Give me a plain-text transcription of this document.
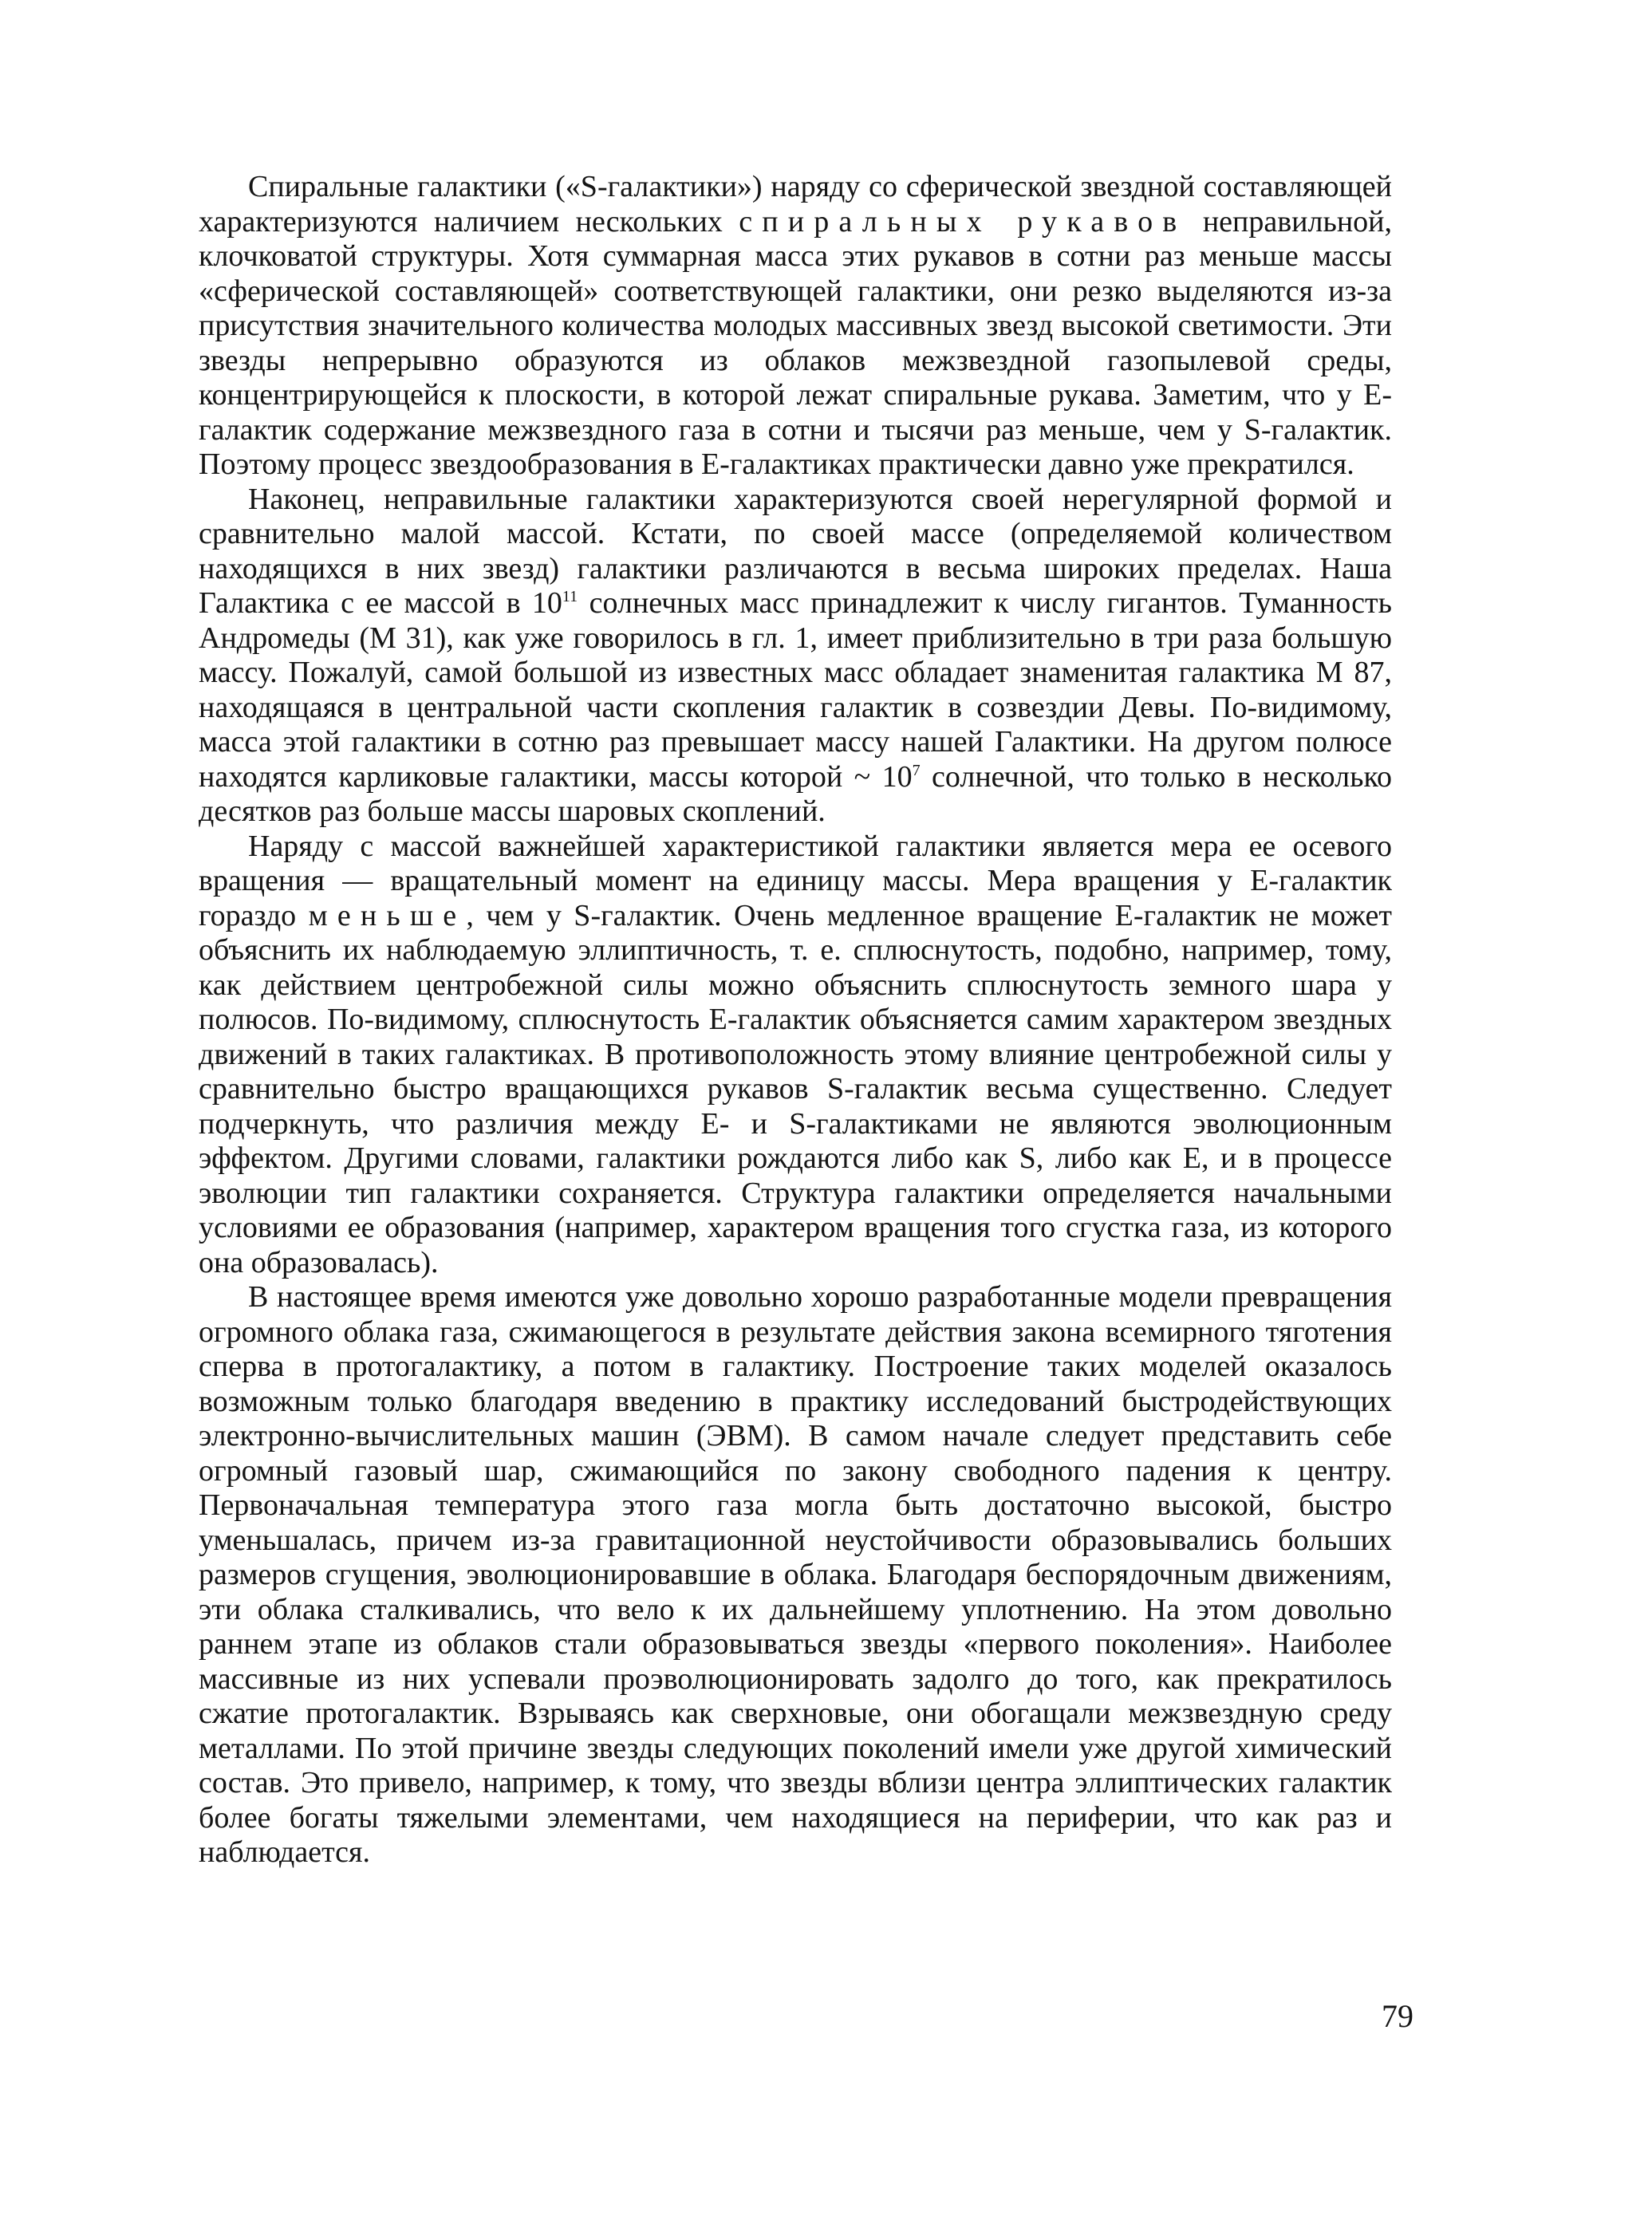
Спиральные галактики («S-галактики») наряду со сферической звездной составляющей характеризуются наличием нескольких спиральных рукавов неправильной, клочковатой структуры. Хотя суммарная масса этих рукавов в сотни раз меньше массы «сферической составляющей» соответствующей галактики, они резко выделяются из-за присутствия значительного количества молодых массивных звезд высокой светимости. Эти звезды непрерывно образуются из облаков межзвездной газопылевой среды, концентрирующейся к плоскости, в которой лежат спиральные рукава. Заметим, что у Е-галактик содержание межзвездного газа в сотни и тысячи раз меньше, чем у S-галактик. Поэтому процесс звездообразования в Е-галактиках практически давно уже прекратился.

Наконец, неправильные галактики характеризуются своей нерегулярной формой и сравнительно малой массой. Кстати, по своей массе (определяемой количеством находящихся в них звезд) галактики различаются в весьма широких пределах. Наша Галактика с ее массой в $10^{11}$ солнечных масс принадлежит к числу гигантов. Туманность Андромеды (М 31), как уже говорилось в гл. 1, имеет приблизительно в три раза большую массу. Пожалуй, самой большой из известных масс обладает знаменитая галактика М 87, находящаяся в центральной части скопления галактик в созвездии Девы. По-видимому, масса этой галактики в сотню раз превышает массу нашей Галактики. На другом полюсе находятся карликовые галактики, массы которой ~ $10^7$ солнечной, что только в несколько десятков раз больше массы шаровых скоплений.

Наряду с массой важнейшей характеристикой галактики является мера ее осевого вращения — вращательный момент на единицу массы. Мера вращения у Е-галактик гораздо меньше, чем у S-галактик. Очень медленное вращение Е-галактик не может объяснить их наблюдаемую эллиптичность, т. е. сплюснутость, подобно, например, тому, как действием центробежной силы можно объяснить сплюснутость земного шара у полюсов. По-видимому, сплюснутость Е-галактик объясняется самим характером звездных движений в таких галактиках. В противоположность этому влияние центробежной силы у сравнительно быстро вращающихся рукавов S-галактик весьма существенно. Следует подчеркнуть, что различия между Е- и S-галактиками не являются эволюционным эффектом. Другими словами, галактики рождаются либо как S, либо как Е, и в процессе эволюции тип галактики сохраняется. Структура галактики определяется начальными условиями ее образования (например, характером вращения того сгустка газа, из которого она образовалась).

В настоящее время имеются уже довольно хорошо разработанные модели превращения огромного облака газа, сжимающегося в результате действия закона всемирного тяготения сперва в протогалактику, а потом в галактику. Построение таких моделей оказалось возможным только благодаря введению в практику исследований быстродействующих электронно-вычислительных машин (ЭВМ). В самом начале следует представить себе огромный газовый шар, сжимающийся по закону свободного падения к центру. Первоначальная температура этого газа могла быть достаточно высокой, быстро уменьшалась, причем из-за гравитационной неустойчивости образовывались больших размеров сгущения, эволюционировавшие в облака. Благодаря беспорядочным движениям, эти облака сталкивались, что вело к их дальнейшему уплотнению. На этом довольно раннем этапе из облаков стали образовываться звезды «первого поколения». Наиболее массивные из них успевали проэволюционировать задолго до того, как прекратилось сжатие протогалактик. Взрываясь как сверхновые, они обогащали межзвездную среду металлами. По этой причине звезды следующих поколений имели уже другой химический состав. Это привело, например, к тому, что звезды вблизи центра эллиптических галактик более богаты тяжелыми элементами, чем находящиеся на периферии, что как раз и наблюдается.

79
